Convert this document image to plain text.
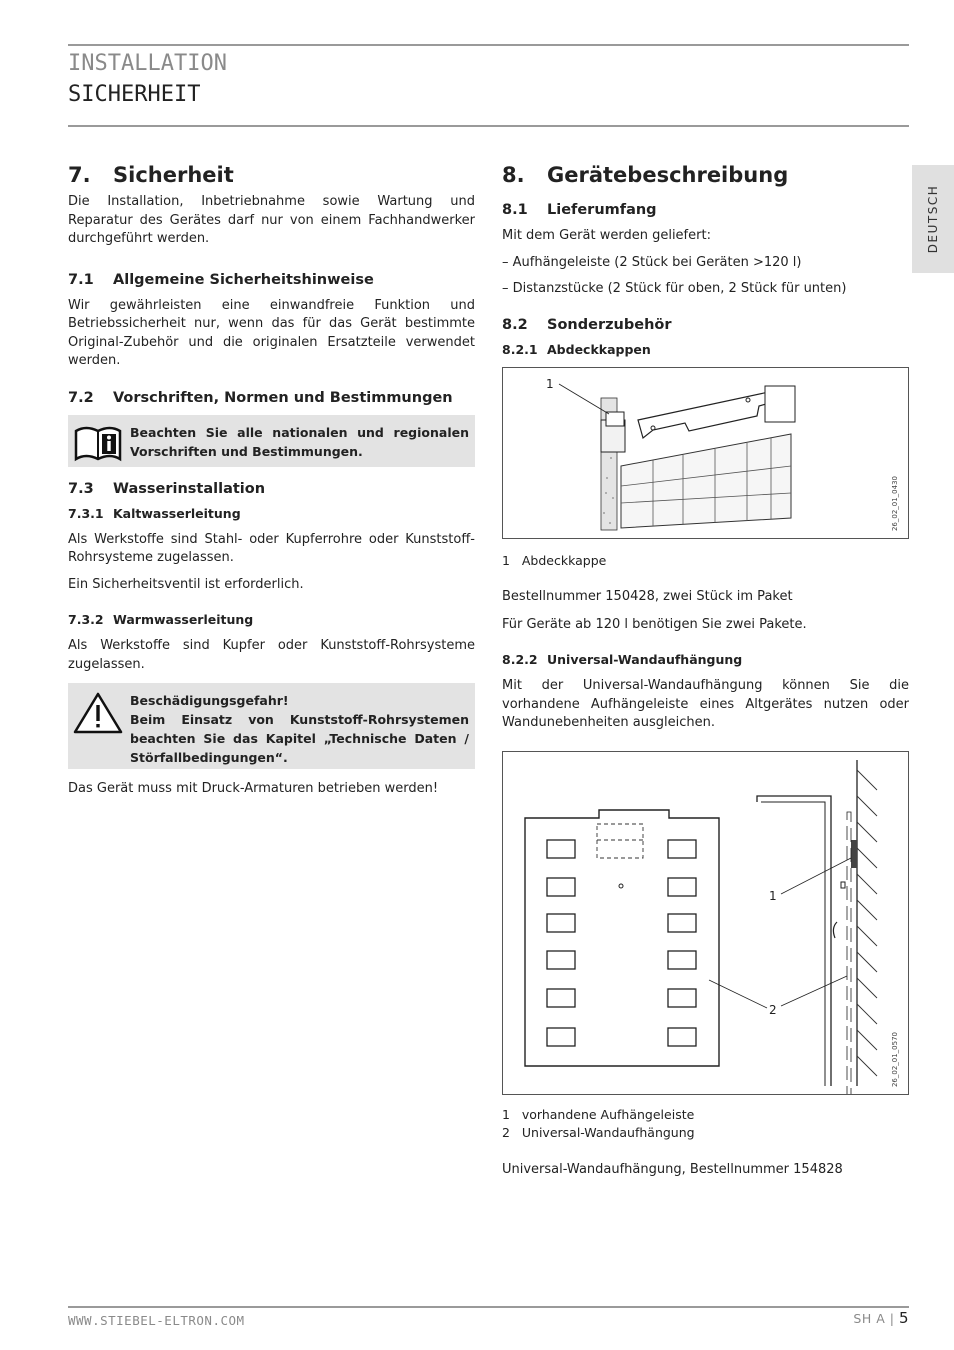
INSTALLATION
SICHERHEIT
DEUTSCH
7.	Sicherheit

Die Installation, Inbetriebnahme sowie Wartung und Reparatur des Gerätes darf nur von einem Fachhandwerker durchgeführt werden.

7.1	Allgemeine Sicherheitshinweise

Wir gewährleisten eine einwandfreie Funktion und Betriebssicherheit nur, wenn das für das Gerät bestimmte Original-Zubehör und die originalen Ersatzteile verwendet werden.

7.2	Vorschriften, Normen und Bestimmungen
Beachten Sie alle nationalen und regionalen Vorschriften und Bestimmungen.
7.3	Wasserinstallation
7.3.1 Kaltwasserleitung

Als Werkstoffe sind Stahl- oder Kupferrohre oder Kunststoff-Rohrsysteme zugelassen.

Ein Sicherheitsventil ist erforderlich.

7.3.2 Warmwasserleitung

Als Werkstoffe sind Kupfer oder Kunststoff-Rohrsysteme zugelassen.

Beschädigungsgefahr!
Beim Einsatz von Kunststoff-Rohrsystemen beachten Sie das Kapitel „Technische Daten / Störfallbedingungen“.

Das Gerät muss mit Druck-Armaturen betrieben werden!

8.	Gerätebeschreibung
8.1	Lieferumfang

Mit dem Gerät werden geliefert:

– Aufhängeleiste (2 Stück bei Geräten >120 l)

– Distanzstücke (2 Stück für oben, 2 Stück für unten)

8.2	Sonderzubehör
8.2.1 Abdeckkappen
1
26_02_01_0430

1 Abdeckkappe

Bestellnummer 150428, zwei Stück im Paket

Für Geräte ab 120 l benötigen Sie zwei Pakete.

8.2.2 Universal-Wandaufhängung

Mit der Universal-Wandaufhängung können Sie die vorhandene Aufhängeleiste eines Altgerätes nutzen oder Wandunebenheiten ausgleichen.

1
2
26_02_01_0570

1 vorhandene Aufhängeleiste

2 Universal-Wandaufhängung

Universal-Wandaufhängung, Bestellnummer 154828

WWW.STIEBEL-ELTRON.COM	SH A | 5
